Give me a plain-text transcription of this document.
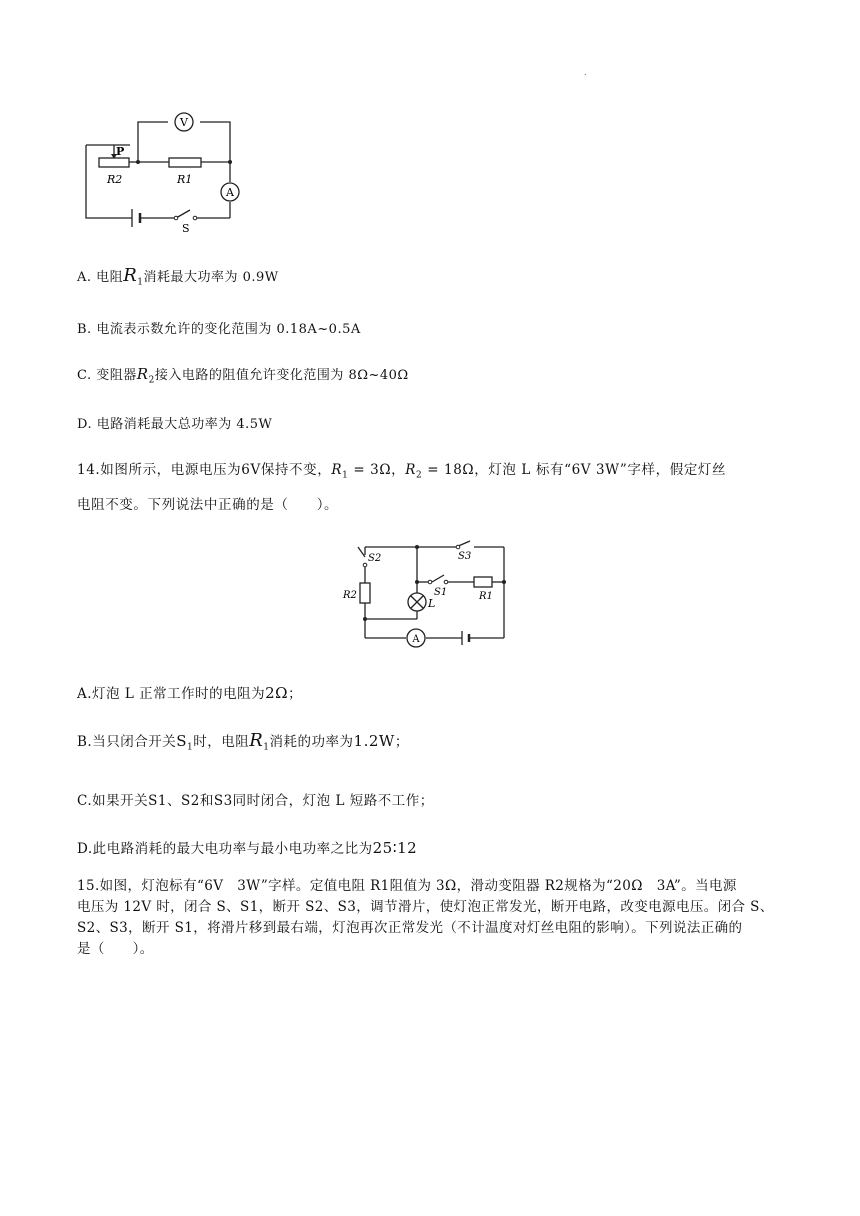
.
V
A
P
R2	R1
S
A. 电阻$R_1$消耗最大功率为 0.9W
B. 电流表示数允许的变化范围为 0.18A~0.5A
C. 变阻器$R_2$接入电路的阻值允许变化范围为 8Ω~40Ω
D. 电路消耗最大总功率为 4.5W
14.如图所示，电源电压为6V保持不变，$R_1 = 3\Omega$，$R_2 = 18\Omega$，灯泡 L 标有“6V 3W”字样，假定灯丝
电阻不变。下列说法中正确的是（　　）。
A
S2	S3
S1
R2	R1
L
A.灯泡 L 正常工作时的电阻为2Ω；
B.当只闭合开关$S_1$时，电阻$R_1$消耗的功率为1.2W；
C.如果开关S1、S2和S3同时闭合，灯泡 L 短路不工作；
D.此电路消耗的最大电功率与最小电功率之比为25∶12
15.如图，灯泡标有“6V　3W”字样。定值电阻 R1阻值为 3Ω，滑动变阻器 R2规格为“20Ω　3A”。当电源
电压为 12V 时，闭合 S、S1，断开 S2、S3，调节滑片，使灯泡正常发光，断开电路，改变电源电压。闭合 S、
S2、S3，断开 S1，将滑片移到最右端，灯泡再次正常发光（不计温度对灯丝电阻的影响）。下列说法正确的
是（　　）。
